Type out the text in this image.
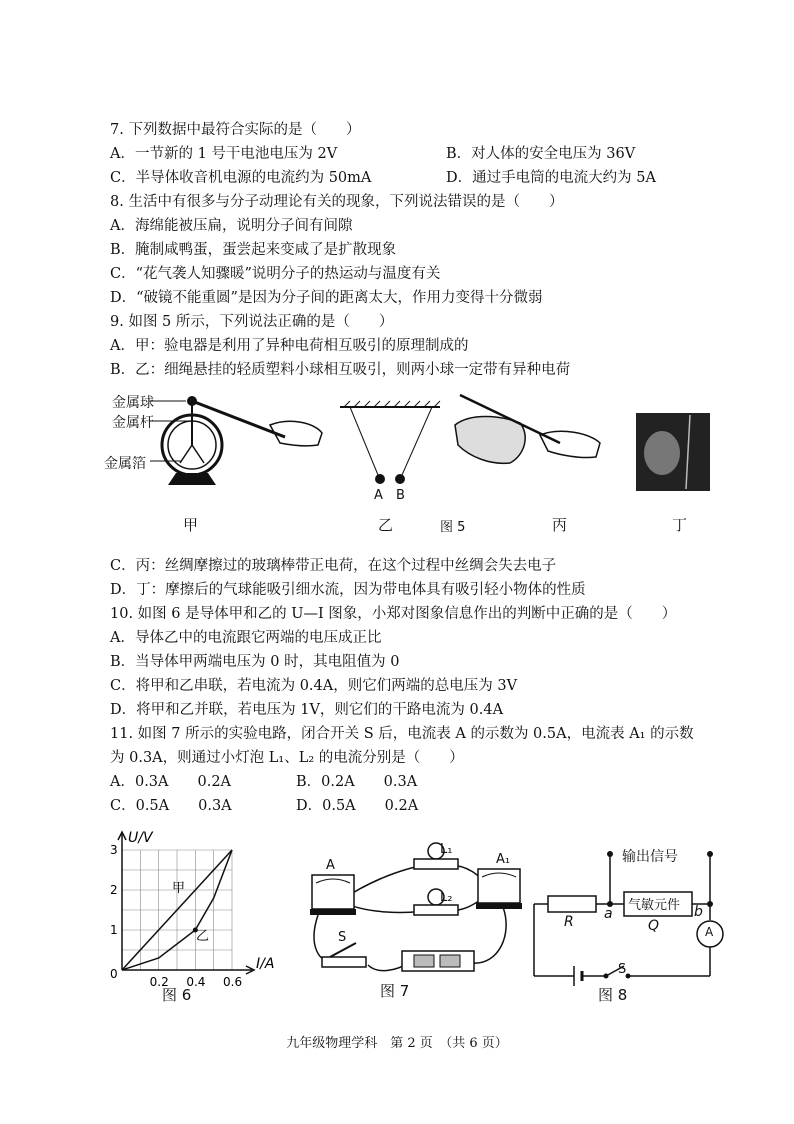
7. 下列数据中最符合实际的是（　　）
A．一节新的 1 号干电池电压为 2V	B．对人体的安全电压为 36V
C．半导体收音机电源的电流约为 50mA	D．通过手电筒的电流大约为 5A
8. 生活中有很多与分子动理论有关的现象，下列说法错误的是（　　）
A．海绵能被压扁，说明分子间有间隙
B．腌制咸鸭蛋，蛋尝起来变咸了是扩散现象
C．“花气袭人知骤暖”说明分子的热运动与温度有关
D．“破镜不能重圆”是因为分子间的距离太大，作用力变得十分微弱
9. 如图 5 所示，下列说法正确的是（　　）
A．甲：验电器是利用了异种电荷相互吸引的原理制成的
B．乙：细绳悬挂的轻质塑料小球相互吸引，则两小球一定带有异种电荷
金属球
金属杆
金属箔
A B
甲	乙	图 5	丙	丁
C．丙：丝绸摩擦过的玻璃棒带正电荷，在这个过程中丝绸会失去电子
D．丁：摩擦后的气球能吸引细水流，因为带电体具有吸引轻小物体的性质
10. 如图 6 是导体甲和乙的 U—I 图象，小郑对图象信息作出的判断中正确的是（　　）
A．导体乙中的电流跟它两端的电压成正比
B．当导体甲两端电压为 0 时，其电阻值为 0
C．将甲和乙串联，若电流为 0.4A，则它们两端的总电压为 3V
D．将甲和乙并联，若电压为 1V，则它们的干路电流为 0.4A
11. 如图 7 所示的实验电路，闭合开关 S 后，电流表 A 的示数为 0.5A，电流表 A₁ 的示数
为 0.3A，则通过小灯泡 L₁、L₂ 的电流分别是（　　）
A．0.3A　　0.2A	B．0.2A　　0.3A
C．0.5A　　0.3A	D．0.5A　　0.2A
1
2
3
0.2 0.4 0.6
U/V
I/A
0
甲
乙
图 6
A
L₁
A₁
L₂
S
图 7
输出信号
气敏元件
R	Q
a	b
A
S
图 8
九年级物理学科　第 2 页　（共 6 页）
